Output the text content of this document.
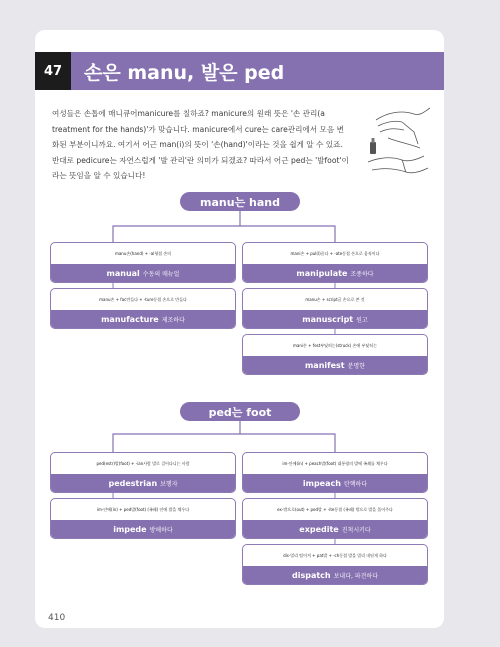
47	손은 manu, 발은 ped
여성들은 손톱에 매니큐어manicure를 칠하죠? manicure의 원래 뜻은 '손 관리(a treatment for the hands)'가 맞습니다. manicure에서 cure는 care관리에서 모음 변화된 부분이니까요. 여기서 어근 man(i)의 뜻이 '손(hand)'이라는 것을 쉽게 알 수 있죠. 반대로 pedicure는 자연스럽게 '발 관리'란 의미가 되겠죠? 따라서 어근 ped는 '발foot'이라는 뜻임을 알 수 있습니다!
manu는 hand
manu손(hand) + -al형접 손의
manual 수동의 매뉴얼
manu손 + fac만들다 + -ture동접 손으로 만들다
manufacture 제조하다
mani손 + pul(l)끌다 + -ate동접 손으로 움직이다
manipulate 조종하다
manu손 + script글 손으로 쓴 것
manuscript 원고
mani손 + fest부딪히는(struck) 손에 부딪히는
manifest 분명한
ped는 foot
ped(estr)발(foot) + -ian사람 발로 걸어다니는 사람
pedestrian 보행자
im-안에(in) + ped발(foot) (족쇄) 안에 발을 채우다
impede 방해하다
im-안에(in) + peach발(foot) 대통령의 발에 족쇄를 채우다
impeach 탄핵하다
ex-밖으로(out) + ped발 + -ite동접 (족쇄) 밖으로 발을 풀어주다
expedite 진척시키다
dis-멀리 떨어져 + pat발 + -ch동접 발을 멀리 내딛게 하다
dispatch 보내다, 파견하다
410
